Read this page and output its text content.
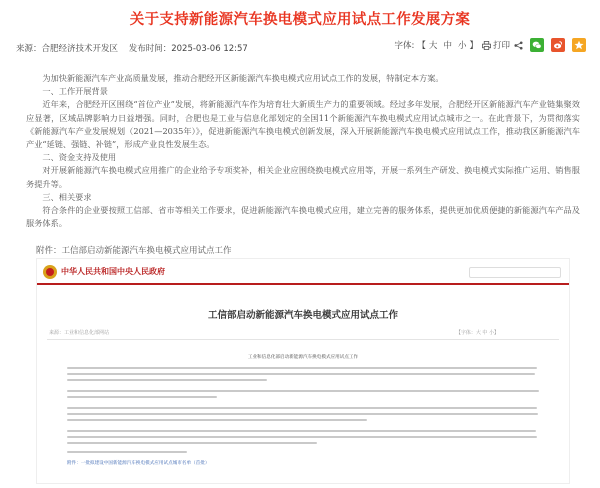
关于支持新能源汽车换电模式应用试点工作发展方案
来源：合肥经济技术开发区 发布时间：2025-03-06 12:57	字体: 【 大 中 小 】 打印

为加快新能源汽车产业高质量发展，推动合肥经开区新能源汽车换电模式应用试点工作的发展，特制定本方案。

一、工作开展背景

近年来，合肥经开区围绕“首位产业”发展，将新能源汽车作为培育壮大新质生产力的重要领域。经过多年发展，合肥经开区新能源汽车产业链集聚效应显著，区域品牌影响力日益增强。同时，合肥也是工业与信息化部划定的全国11个新能源汽车换电模式应用试点城市之一。在此背景下，为贯彻落实《新能源汽车产业发展规划（2021—2035年）》，促进新能源汽车换电模式创新发展，深入开展新能源汽车换电模式应用试点工作，推动我区新能源汽车产业“延链、强链、补链”，形成产业良性发展生态。

二、资金支持及使用

对开展新能源汽车换电模式应用推广的企业给予专项奖补，相关企业应围绕换电模式应用等，开展一系列生产研发、换电模式实际推广运用、销售服务提升等。

三、相关要求

符合条件的企业要按照工信部、省市等相关工作要求，促进新能源汽车换电模式应用，建立完善的服务体系，提供更加优质便捷的新能源汽车产品及服务体系。

附件：工信部启动新能源汽车换电模式应用试点工作
中华人民共和国中央人民政府
工信部启动新能源汽车换电模式应用试点工作
来源：工业和信息化部网站	【字体：大 中 小】
工业和信息化部启动新能源汽车换电模式应用试点工作
附件：一批拟建设中国新能源汽车换电模式应用试点城市名单（首批）
